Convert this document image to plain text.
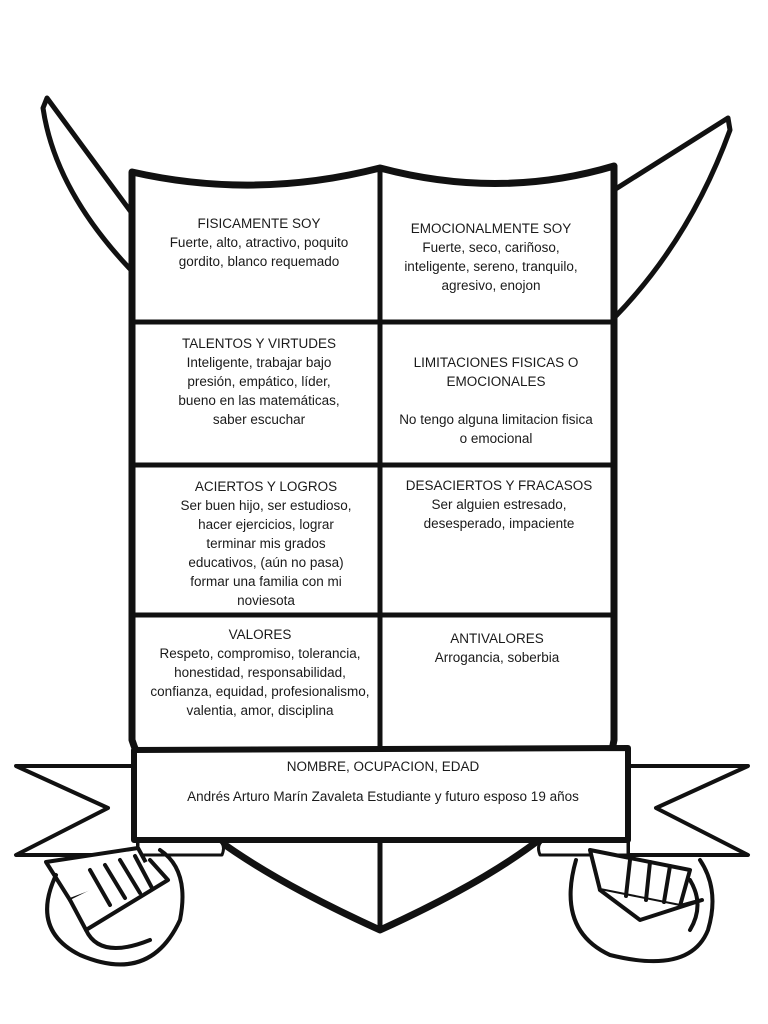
FISICAMENTE SOY
Fuerte, alto, atractivo, poquito
gordito, blanco requemado
EMOCIONALMENTE SOY
Fuerte, seco, cariñoso,
inteligente, sereno, tranquilo,
agresivo, enojon
TALENTOS Y VIRTUDES
Inteligente, trabajar bajo
presión, empático, líder,
bueno en las matemáticas,
saber escuchar

LIMITACIONES FISICAS O
EMOCIONALES

No tengo alguna limitacion fisica
o emocional

ACIERTOS Y LOGROS
Ser buen hijo, ser estudioso,
hacer ejercicios, lograr
terminar mis grados
educativos, (aún no pasa)
formar una familia con mi
noviesota
DESACIERTOS Y FRACASOS
Ser alguien estresado,
desesperado, impaciente
VALORES
Respeto, compromiso, tolerancia,
honestidad, responsabilidad,
confianza, equidad, profesionalismo,
valentia, amor, disciplina
ANTIVALORES
Arrogancia, soberbia
NOMBRE, OCUPACION, EDAD
Andrés Arturo Marín Zavaleta Estudiante y futuro esposo 19 años
